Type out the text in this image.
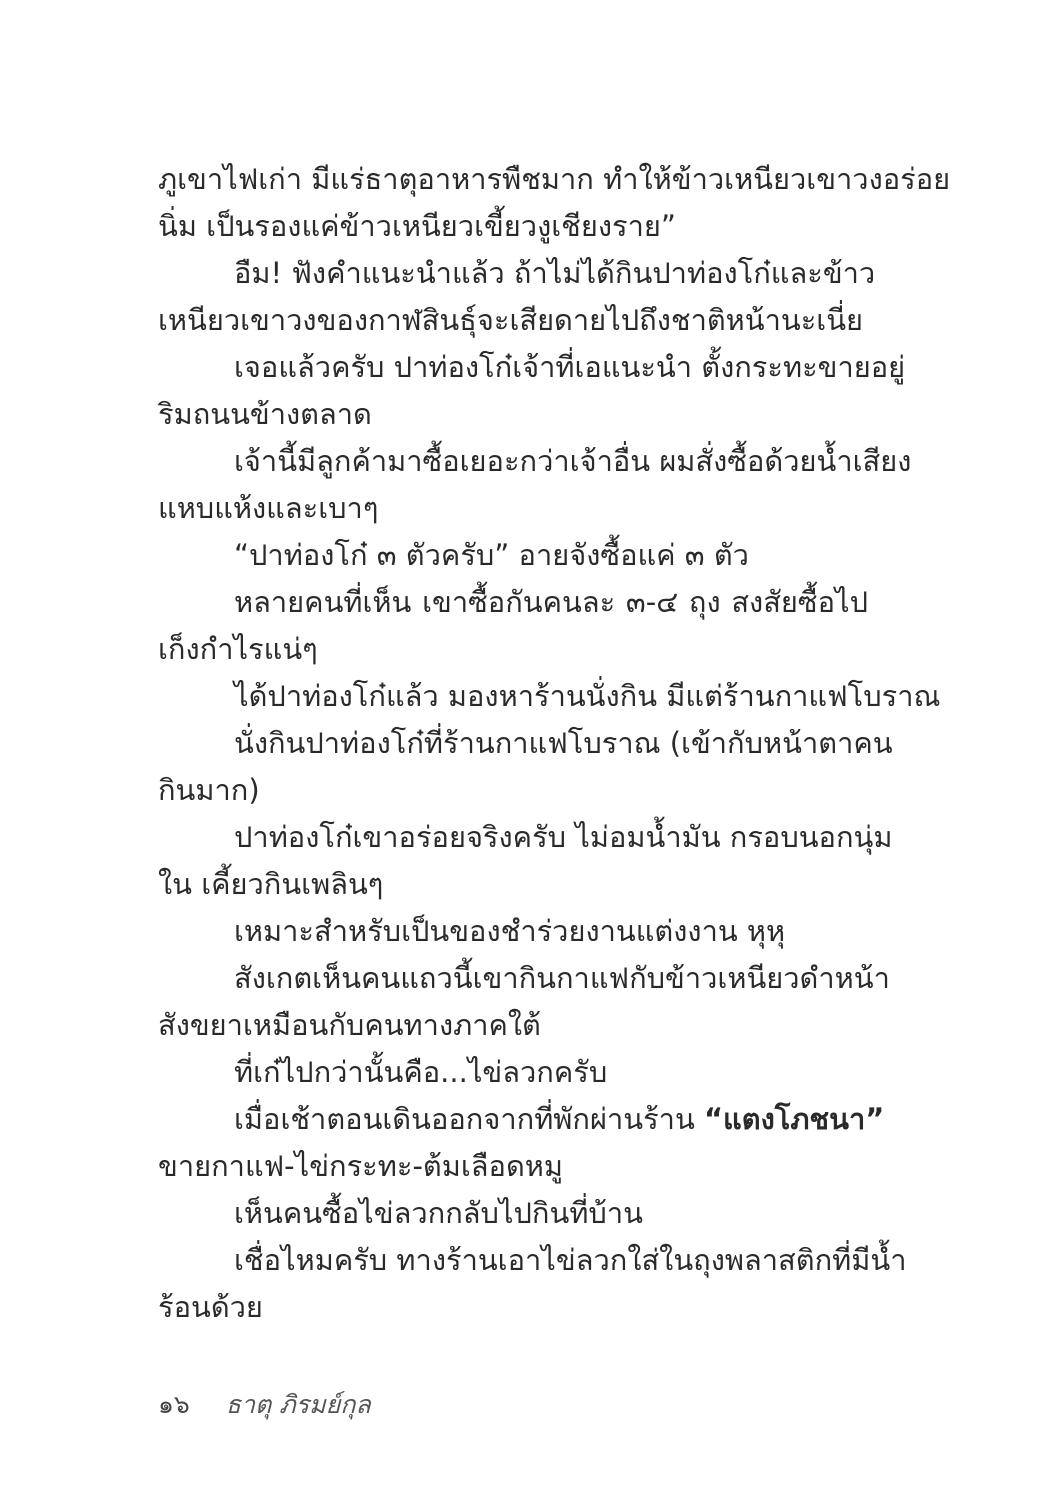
ภูเขาไฟเก่า มีแร่ธาตุอาหารพืชมาก ทำให้ข้าวเหนียวเขาวงอร่อย
นิ่ม เป็นรองแค่ข้าวเหนียวเขี้ยวงูเชียงราย”
อืม! ฟังคำแนะนำแล้ว ถ้าไม่ได้กินปาท่องโก๋และข้าว
เหนียวเขาวงของกาฬสินธุ์จะเสียดายไปถึงชาติหน้านะเนี่ย
เจอแล้วครับ ปาท่องโก๋เจ้าที่เอแนะนำ ตั้งกระทะขายอยู่
ริมถนนข้างตลาด
เจ้านี้มีลูกค้ามาซื้อเยอะกว่าเจ้าอื่น ผมสั่งซื้อด้วยน้ำเสียง
แหบแห้งและเบาๆ
“ปาท่องโก๋ ๓ ตัวครับ” อายจังซื้อแค่ ๓ ตัว
หลายคนที่เห็น เขาซื้อกันคนละ ๓-๔ ถุง สงสัยซื้อไป
เก็งกำไรแน่ๆ
ได้ปาท่องโก๋แล้ว มองหาร้านนั่งกิน มีแต่ร้านกาแฟโบราณ
นั่งกินปาท่องโก๋ที่ร้านกาแฟโบราณ (เข้ากับหน้าตาคน
กินมาก)
ปาท่องโก๋เขาอร่อยจริงครับ ไม่อมน้ำมัน กรอบนอกนุ่ม
ใน เคี้ยวกินเพลินๆ
เหมาะสำหรับเป็นของชำร่วยงานแต่งงาน หุหุ
สังเกตเห็นคนแถวนี้เขากินกาแฟกับข้าวเหนียวดำหน้า
สังขยาเหมือนกับคนทางภาคใต้
ที่เก๋ไปกว่านั้นคือ...ไข่ลวกครับ
เมื่อเช้าตอนเดินออกจากที่พักผ่านร้าน “แตงโภชนา”
ขายกาแฟ-ไข่กระทะ-ต้มเลือดหมู
เห็นคนซื้อไข่ลวกกลับไปกินที่บ้าน
เชื่อไหมครับ ทางร้านเอาไข่ลวกใส่ในถุงพลาสติกที่มีน้ำ
ร้อนด้วย
๑๖ ธาตุ ภิรมย์กุล
